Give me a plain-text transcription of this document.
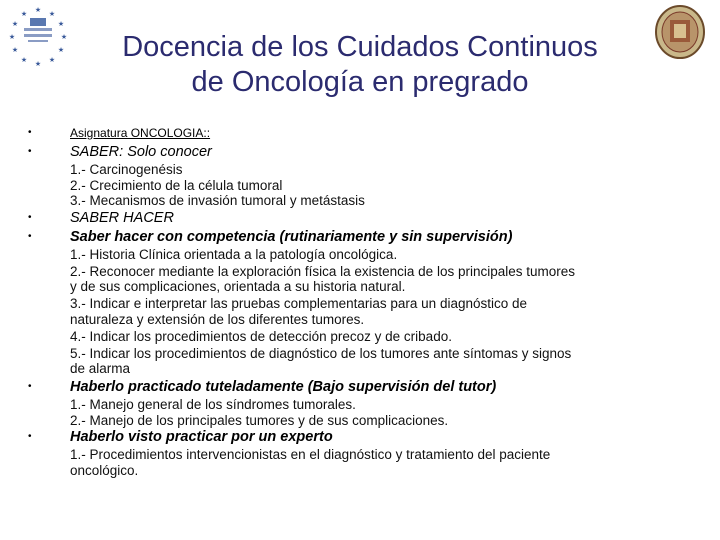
★
★
★
★
★
★
★
★
★
★
★
★
Docencia de los Cuidados Continuos
de Oncología en pregrado
•	Asignatura ONCOLOGIA::
•	SABER: Solo conocer
1.- Carcinogenésis
2.- Crecimiento de la célula tumoral
3.- Mecanismos de invasión tumoral y metástasis
•	SABER HACER
•	Saber hacer con competencia (rutinariamente y sin supervisión)
1.- Historia Clínica orientada a la patología oncológica.
2.- Reconocer mediante la exploración física la existencia de los principales tumores
y de sus complicaciones, orientada a su historia natural.
3.- Indicar e interpretar las pruebas complementarias para un diagnóstico de
naturaleza y extensión de los diferentes tumores.
4.- Indicar los procedimientos de detección precoz y de cribado.
5.- Indicar los procedimientos de diagnóstico de los tumores ante síntomas y signos
de alarma
•	Haberlo practicado tuteladamente (Bajo supervisión del tutor)
1.- Manejo general de los síndromes tumorales.
2.- Manejo de los principales tumores y de sus complicaciones.
•	Haberlo visto practicar por un experto
1.- Procedimientos intervencionistas en el diagnóstico y tratamiento del paciente
oncológico.
